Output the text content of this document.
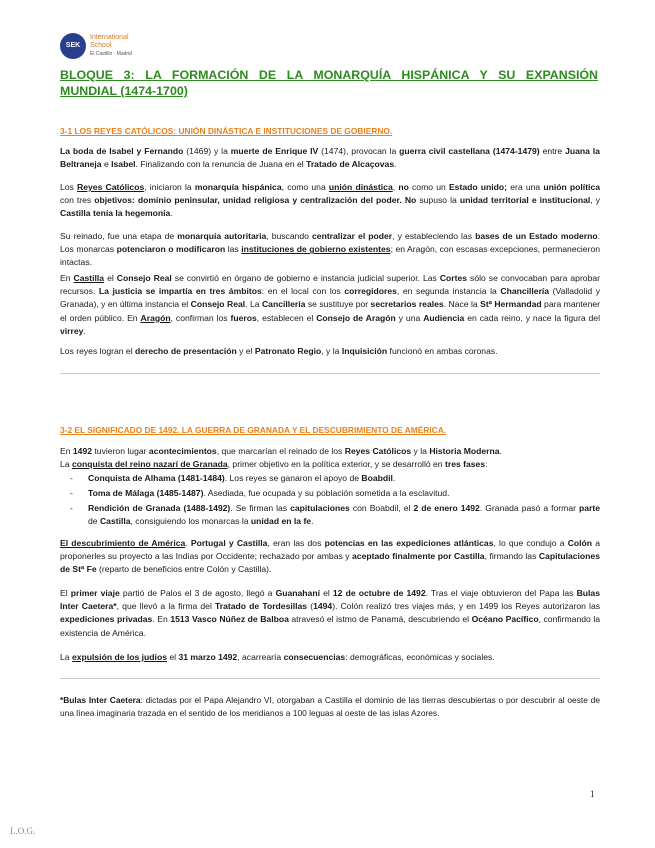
SEK
International
School
El Castillo · Madrid
BLOQUE 3: LA FORMACIÓN DE LA MONARQUÍA HISPÁNICA Y SU EXPANSIÓN
MUNDIAL (1474-1700)
3-1 LOS REYES CATÓLICOS: UNIÓN DINÁSTICA E INSTITUCIONES DE GOBIERNO.
La boda de Isabel y Fernando (1469) y la muerte de Enrique IV (1474), provocan la guerra civil castellana (1474-1479) entre Juana la Beltraneja e Isabel. Finalizando con la renuncia de Juana en el Tratado de Alcaçovas.
Los Reyes Católicos, iniciaron la monarquía hispánica, como una unión dinástica, no como un Estado unido; era una unión política con tres objetivos: dominio peninsular, unidad religiosa y centralización del poder. No supuso la unidad territorial e institucional, y Castilla tenía la hegemonía.
Su reinado, fue una etapa de monarquía autoritaria, buscando centralizar el poder, y estableciendo las bases de un Estado moderno. Los monarcas potenciaron o modificaron las instituciones de gobierno existentes; en Aragón, con escasas excepciones, permanecieron intactas.
En Castilla el Consejo Real se convirtió en órgano de gobierno e instancia judicial superior. Las Cortes sólo se convocaban para aprobar recursos. La justicia se impartía en tres ámbitos: en el local con los corregidores, en segunda instancia la Chancillería (Valladolid y Granada), y en última instancia el Consejo Real. La Cancillería se sustituye por secretarios reales. Nace la Stª Hermandad para mantener el orden público. En Aragón, confirman los fueros, establecen el Consejo de Aragón y una Audiencia en cada reino, y nace la figura del virrey.
Los reyes logran el derecho de presentación y el Patronato Regio, y la Inquisición funcionó en ambas coronas.
3-2 EL SIGNIFICADO DE 1492. LA GUERRA DE GRANADA Y EL DESCUBRIMIENTO DE AMÉRICA.
En 1492 tuvieron lugar acontecimientos, que marcarían el reinado de los Reyes Católicos y la Historia Moderna.
La conquista del reino nazarí de Granada, primer objetivo en la política exterior, y se desarrolló en tres fases:
- Conquista de Alhama (1481-1484). Los reyes se ganaron el apoyo de Boabdil.
- Toma de Málaga (1485-1487). Asediada, fue ocupada y su población sometida a la esclavitud.
- Rendición de Granada (1488-1492). Se firman las capitulaciones con Boabdil, el 2 de enero 1492. Granada pasó a formar parte de Castilla, consiguiendo los monarcas la unidad en la fe.
El descubrimiento de América. Portugal y Castilla, eran las dos potencias en las expediciones atlánticas, lo que condujo a Colón a proponerles su proyecto a las Indias por Occidente; rechazado por ambas y aceptado finalmente por Castilla, firmando las Capitulaciones de Stª Fe (reparto de beneficios entre Colón y Castilla).
El primer viaje partió de Palos el 3 de agosto, llegó a Guanahaní el 12 de octubre de 1492. Tras el viaje obtuvieron del Papa las Bulas Inter Caetera*, que llevó a la firma del Tratado de Tordesillas (1494). Colón realizó tres viajes más, y en 1499 los Reyes autorizaron las expediciones privadas. En 1513 Vasco Núñez de Balboa atravesó el istmo de Panamá, descubriendo el Océano Pacífico, confirmando la existencia de América.
La expulsión de los judíos el 31 marzo 1492, acarrearía consecuencias: demográficas, económicas y sociales.
*Bulas Inter Caetera: dictadas por el Papa Alejandro VI, otorgaban a Castilla el dominio de las tierras descubiertas o por descubrir al oeste de una línea imaginaria trazada en el sentido de los meridianos a 100 leguas al oeste de las islas Azores.
1
L.O.G.
